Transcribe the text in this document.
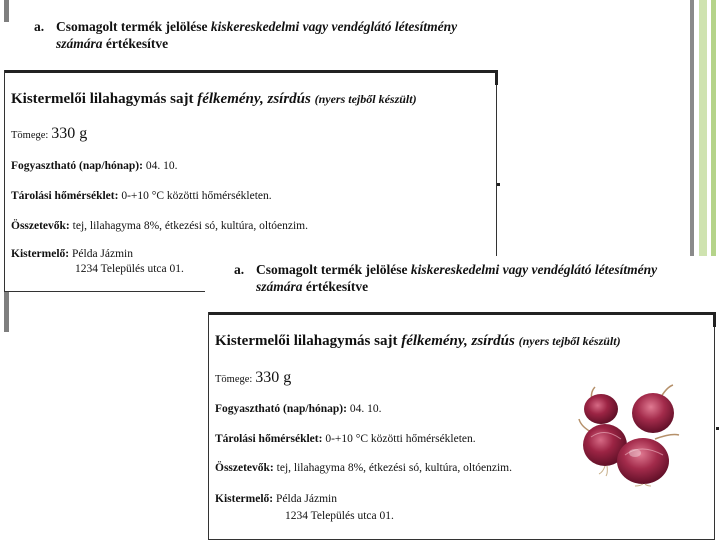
a. Csomagolt termék jelölése kiskereskedelmi vagy vendéglátó létesítmény
számára értékesítve
Kistermelői lilahagymás sajt félkemény, zsírdús (nyers tejből készült)
Tömege: 330 g
Fogyasztható (nap/hónap): 04. 10.
Tárolási hőmérséklet: 0-+10 °C közötti hőmérsékleten.
Összetevők: tej, lilahagyma 8%, étkezési só, kultúra, oltóenzim.
Kistermelő: Példa Jázmin
1234 Település utca 01.	a. Csomagolt termék jelölése kiskereskedelmi vagy vendéglátó létesítmény
számára értékesítve
Kistermelői lilahagymás sajt félkemény, zsírdús (nyers tejből készült)
Tömege: 330 g
Fogyasztható (nap/hónap): 04. 10.
Tárolási hőmérséklet: 0-+10 °C közötti hőmérsékleten.
Összetevők: tej, lilahagyma 8%, étkezési só, kultúra, oltóenzim.
Kistermelő: Példa Jázmin
1234 Település utca 01.
